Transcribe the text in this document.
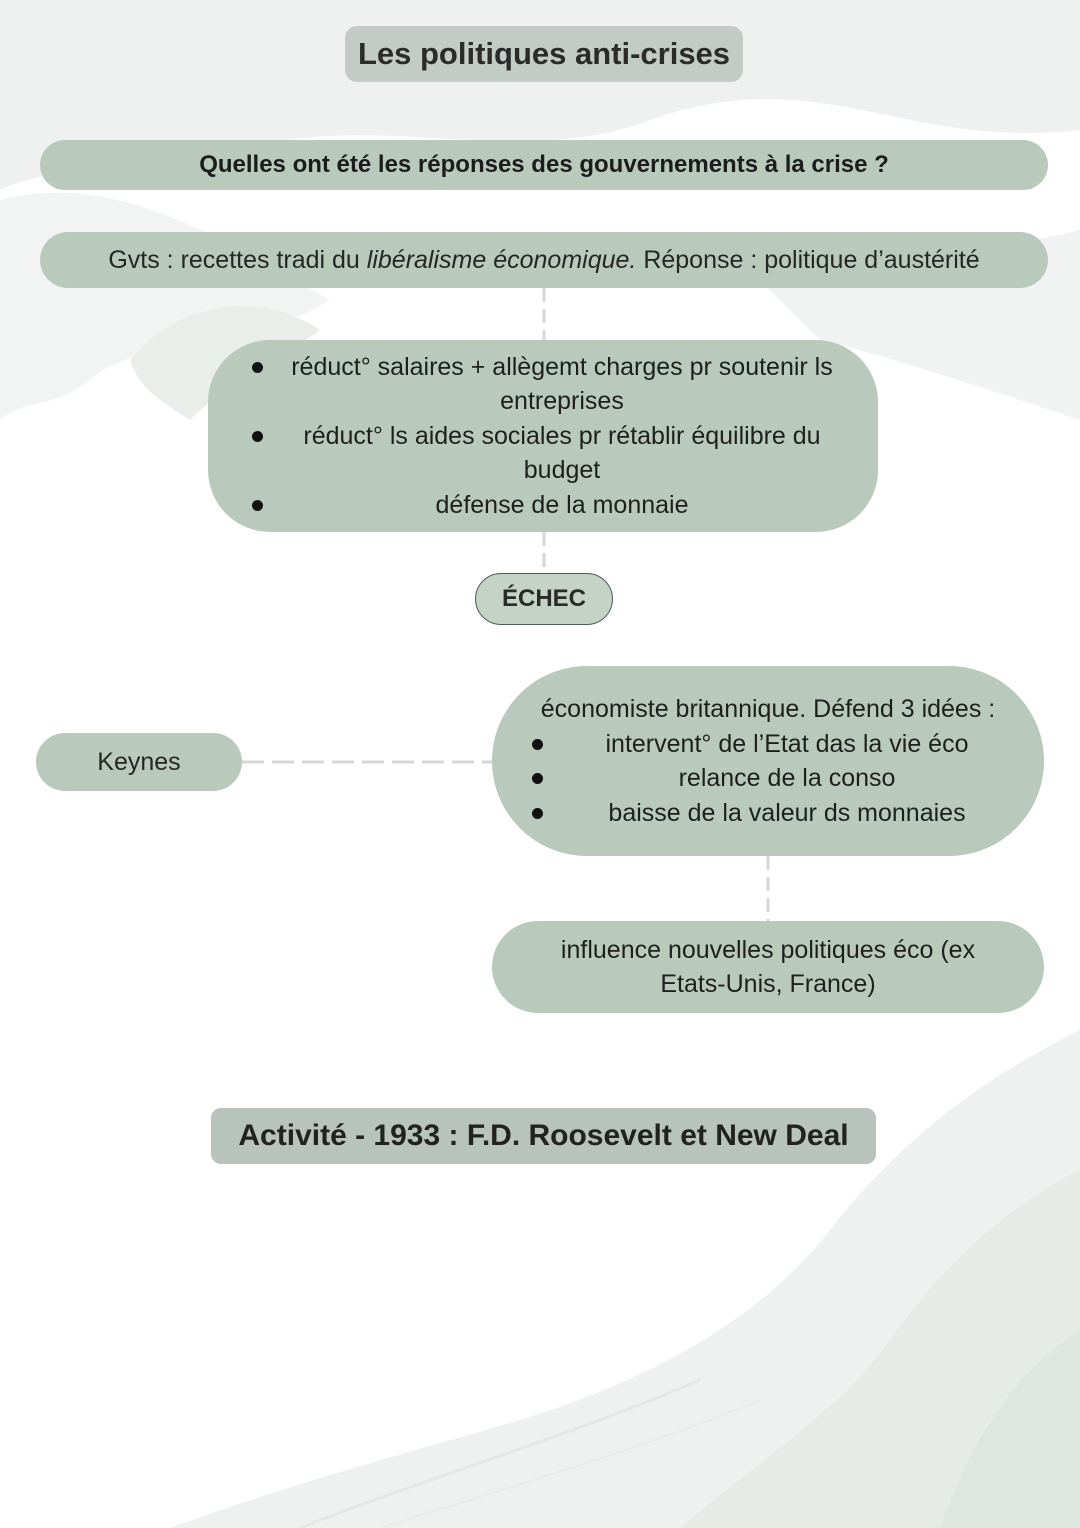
Les politiques anti-crises
Quelles ont été les réponses des gouvernements à la crise ?
Gvts : recettes tradi du libéralisme économique. Réponse : politique d’austérité
réduct° salaires + allègemt charges pr soutenir ls entreprises
réduct° ls aides sociales pr rétablir équilibre du budget
défense de la monnaie
ÉCHEC
Keynes
économiste britannique. Défend 3 idées :
intervent° de l’Etat das la vie éco
relance de la conso
baisse de la valeur ds monnaies
influence nouvelles politiques éco (ex Etats-Unis, France)
Activité - 1933 : F.D. Roosevelt et New Deal
